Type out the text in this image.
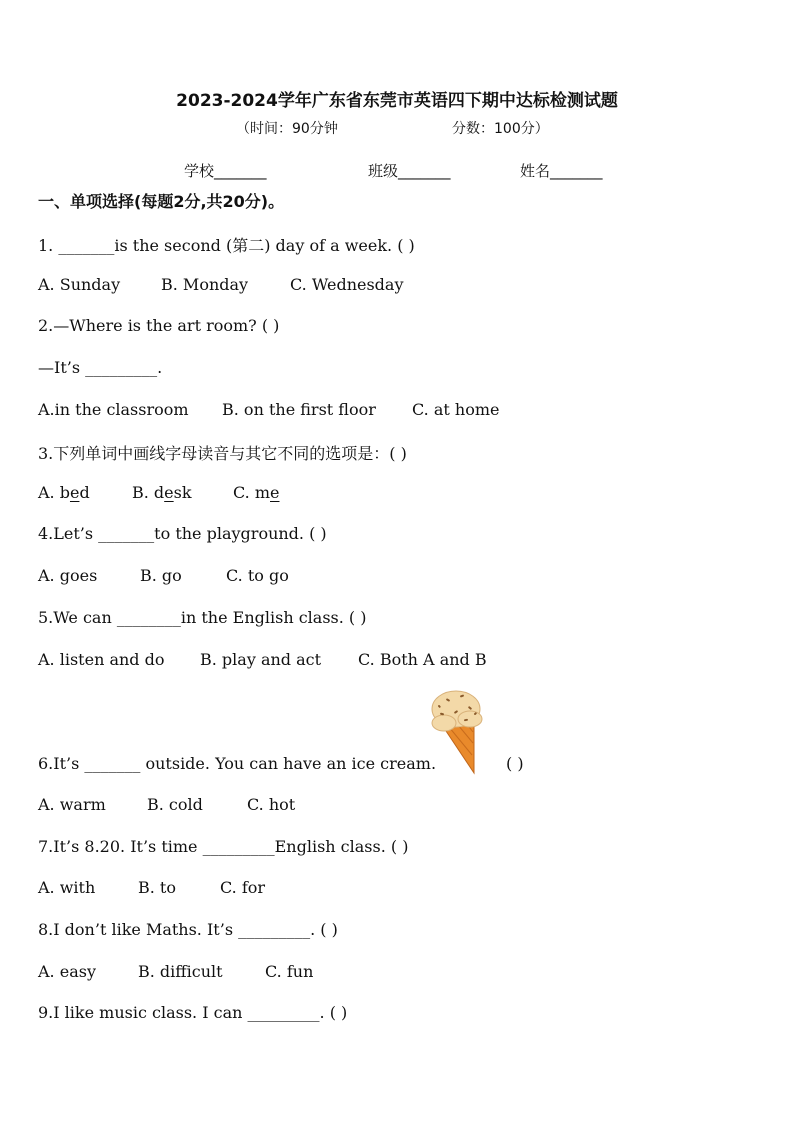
2023-2024学年广东省东莞市英语四下期中达标检测试题
（时间：90分钟	分数：100分）
学校_______	班级_______	姓名_______
一、单项选择(每题2分,共20分)。
1. _______is the second (第二) day of a week. ( )
A. Sunday	B. Monday	C. Wednesday
2.—Where is the art room? ( )
—It’s _________.
A.in the classroom B. on the first floor C. at home
3.下列单词中画线字母读音与其它不同的选项是：( )
A. bed	B. desk	C. me
4.Let’s _______to the playground. ( )
A. goes	B. go	C. to go
5.We can ________in the English class. ( )
A. listen and do B. play and act C. Both A and B
6.It’s _______ outside. You can have an ice cream.	( )
A. warm	B. cold	C. hot
7.It’s 8.20. It’s time _________English class. ( )
A. with	B. to	C. for
8.I don’t like Maths. It’s _________. ( )
A. easy	B. difficult	C. fun
9.I like music class. I can _________. ( )
